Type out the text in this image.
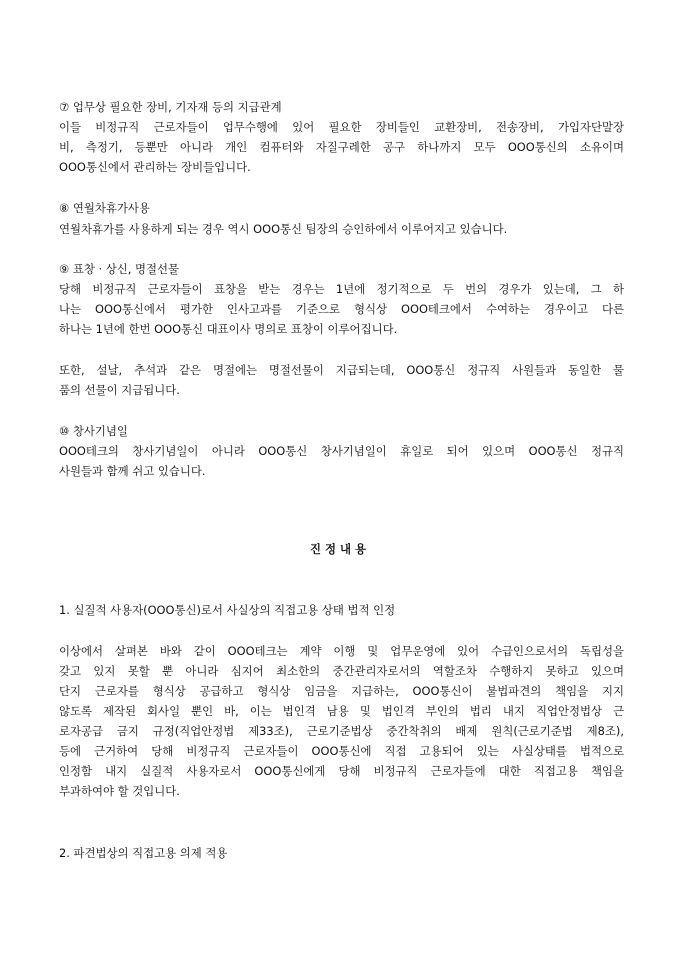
⑦ 업무상 필요한 장비, 기자재 등의 지급관계
이들 비정규직 근로자들이 업무수행에 있어 필요한 장비들인 교환장비, 전송장비, 가입자단말장
비, 측정기, 등뿐만 아니라 개인 컴퓨터와 자질구레한 공구 하나까지 모두 OOO통신의 소유이며
OOO통신에서 관리하는 장비들입니다.
⑧ 연월차휴가사용
연월차휴가를 사용하게 되는 경우 역시 OOO통신 팀장의 승인하에서 이루어지고 있습니다.
⑨ 표창 · 상신, 명절선물
당해 비정규직 근로자들이 표창을 받는 경우는 1년에 정기적으로 두 번의 경우가 있는데, 그 하
나는 OOO통신에서 평가한 인사고과를 기준으로 형식상 OOO테크에서 수여하는 경우이고 다른
하나는 1년에 한번 OOO통신 대표이사 명의로 표창이 이루어집니다.
또한, 설날, 추석과 같은 명절에는 명절선물이 지급되는데, OOO통신 정규직 사원들과 동일한 물
품의 선물이 지급됩니다.
⑩ 창사기념일
OOO테크의 창사기념일이 아니라 OOO통신 창사기념일이 휴일로 되어 있으며 OOO통신 정규직
사원들과 함께 쉬고 있습니다.
진정내용
1. 실질적 사용자(OOO통신)로서 사실상의 직접고용 상태 법적 인정
이상에서 살펴본 바와 같이 OOO테크는 계약 이행 및 업무운영에 있어 수급인으로서의 독립성을
갖고 있지 못할 뿐 아니라 심지어 최소한의 중간관리자로서의 역할조차 수행하지 못하고 있으며
단지 근로자를 형식상 공급하고 형식상 임금을 지급하는, OOO통신이 불법파견의 책임을 지지
않도록 제작된 회사일 뿐인 바, 이는 법인격 남용 및 법인격 부인의 법리 내지 직업안정법상 근
로자공급 금지 규정(직업안정법 제33조), 근로기준법상 중간착취의 배제 원칙(근로기준법 제8조),
등에 근거하여 당해 비정규직 근로자들이 OOO통신에 직접 고용되어 있는 사실상태를 법적으로
인정함 내지 실질적 사용자로서 OOO통신에게 당해 비정규직 근로자들에 대한 직접고용 책임을
부과하여야 할 것입니다.
2. 파견법상의 직접고용 의제 적용
